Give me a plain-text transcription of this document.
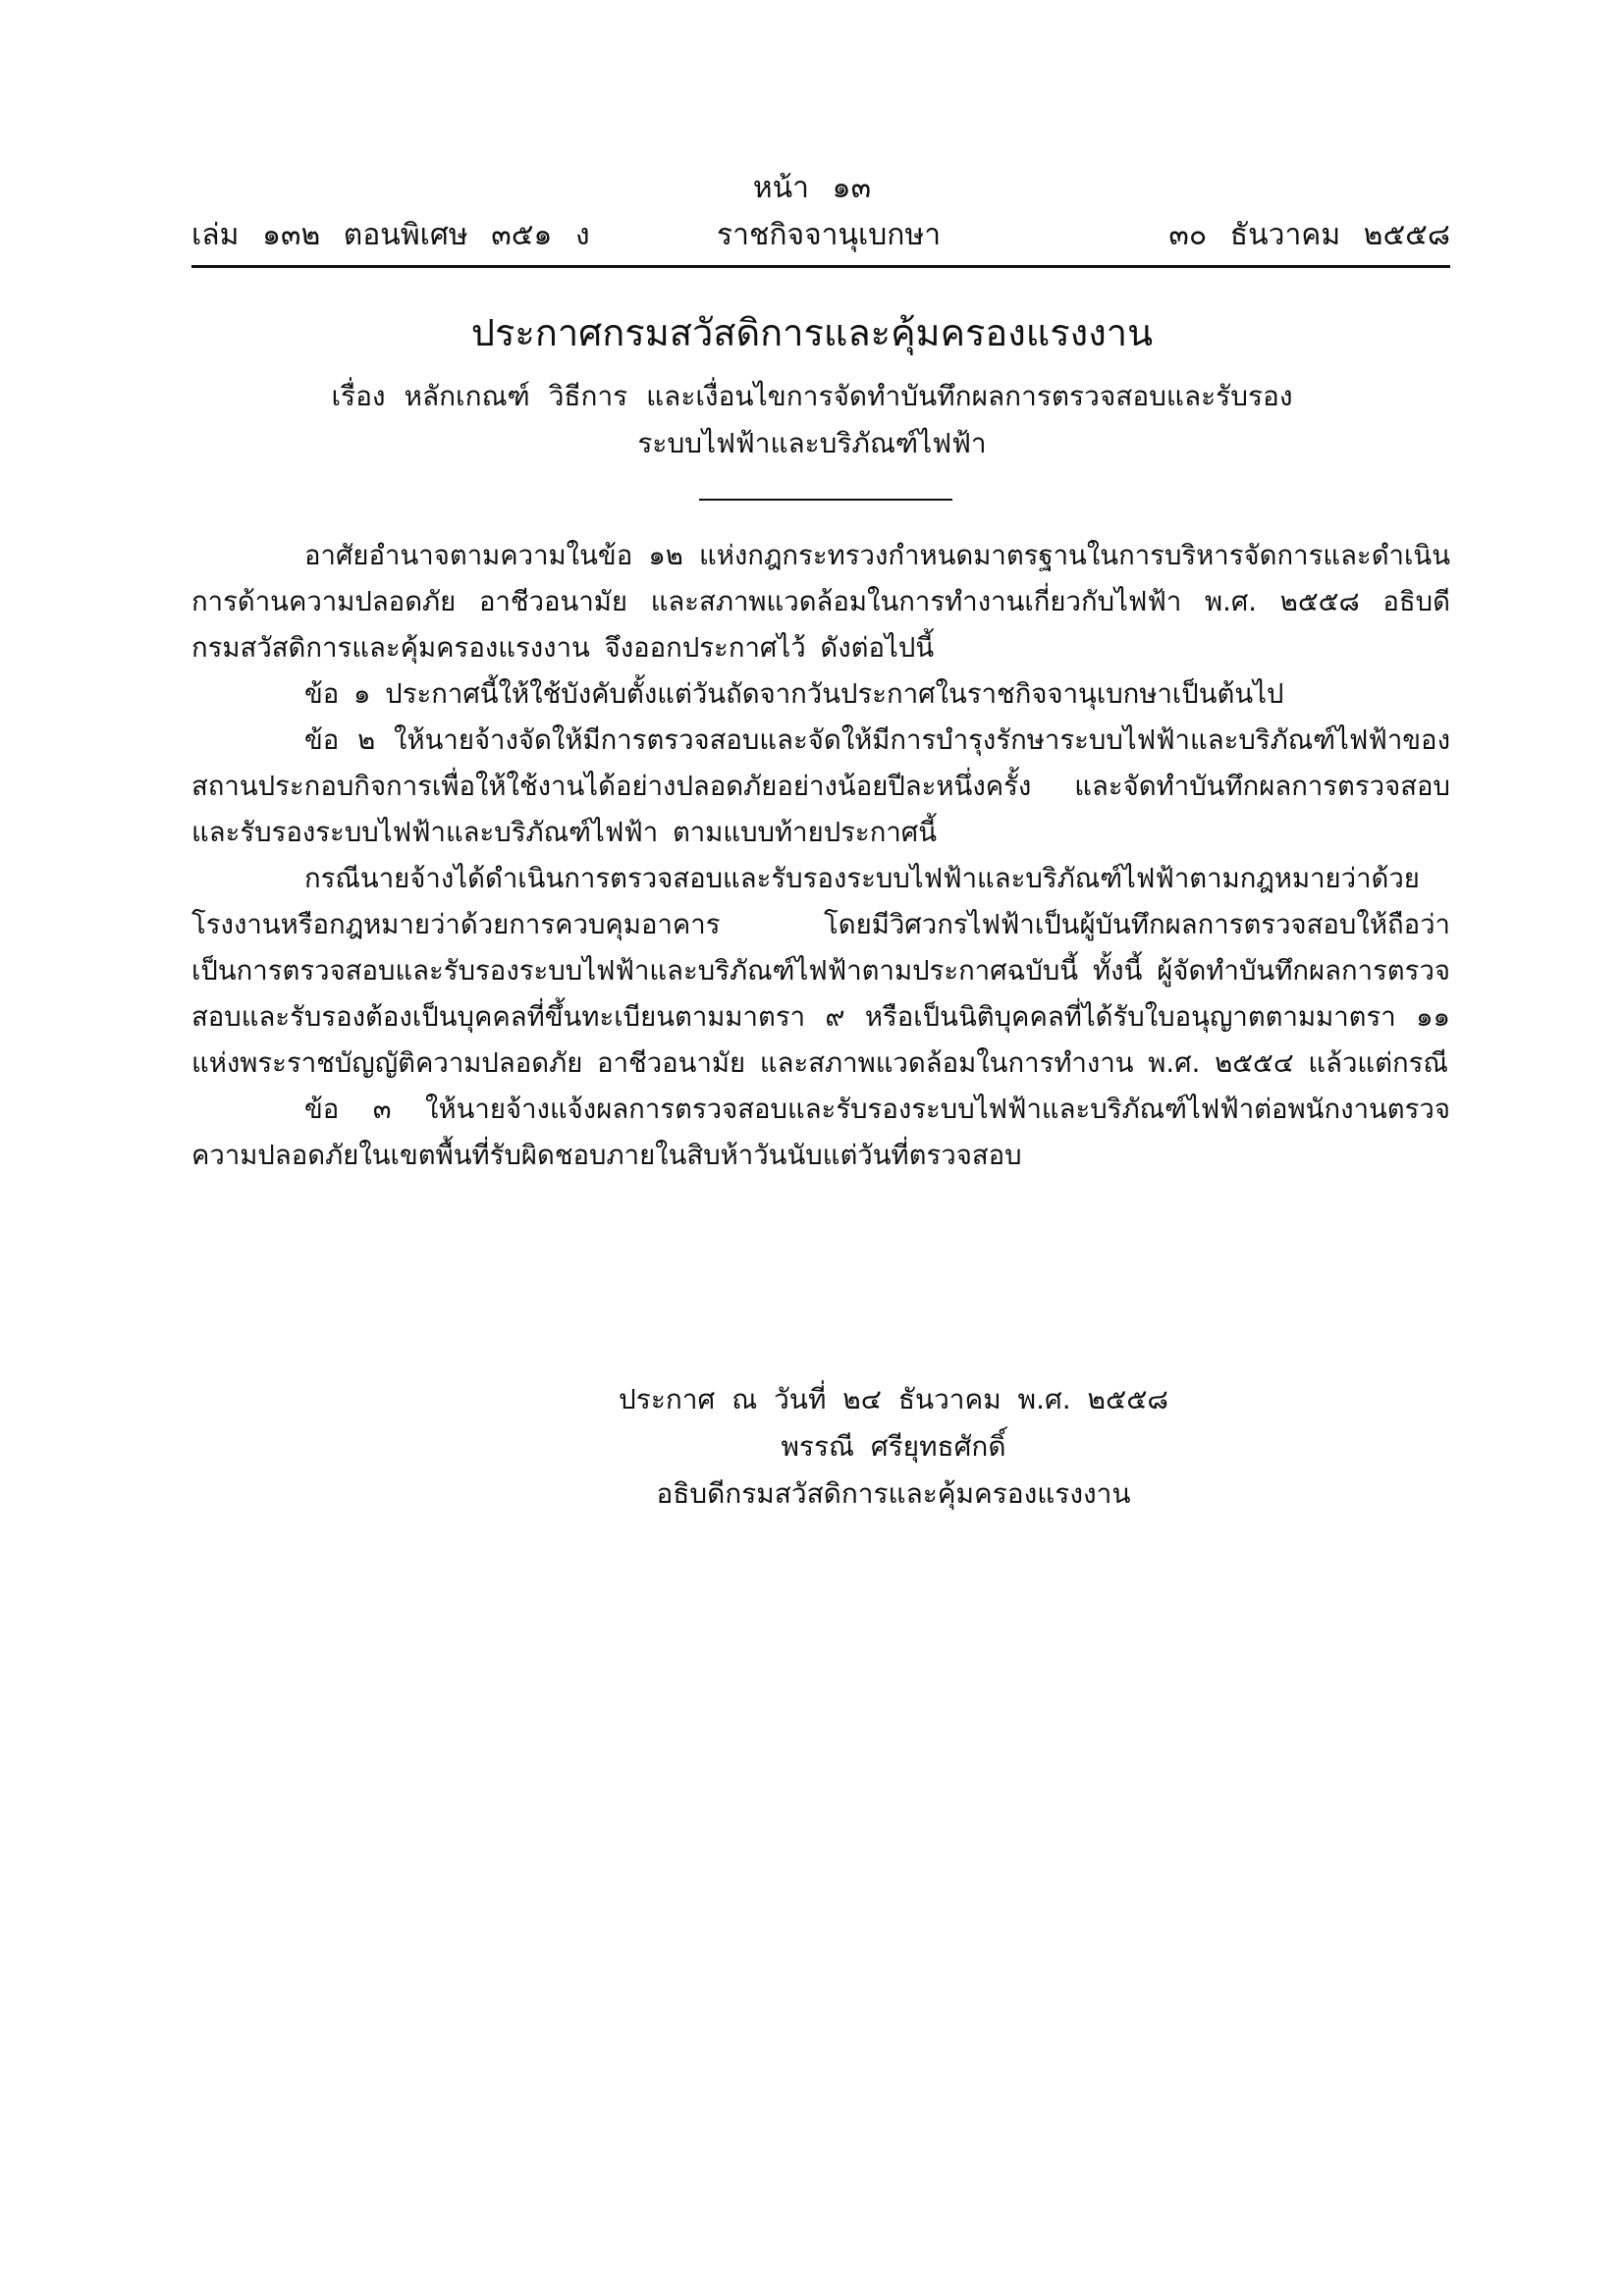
หน้า ๑๓
เล่ม ๑๓๒ ตอนพิเศษ ๓๕๑ ง	ราชกิจจานุเบกษา	๓๐ ธันวาคม ๒๕๕๘
ประกาศกรมสวัสดิการและคุ้มครองแรงงาน
เรื่อง หลักเกณฑ์ วิธีการ และเงื่อนไขการจัดทำบันทึกผลการตรวจสอบและรับรอง
ระบบไฟฟ้าและบริภัณฑ์ไฟฟ้า

อาศัยอำนาจตามความในข้อ ๑๒ แห่งกฎกระทรวงกำหนดมาตรฐานในการบริหารจัดการและดำเนินการด้านความปลอดภัย อาชีวอนามัย และสภาพแวดล้อมในการทำงานเกี่ยวกับไฟฟ้า พ.ศ. ๒๕๕๘ อธิบดีกรมสวัสดิการและคุ้มครองแรงงาน จึงออกประกาศไว้ ดังต่อไปนี้

ข้อ ๑ ประกาศนี้ให้ใช้บังคับตั้งแต่วันถัดจากวันประกาศในราชกิจจานุเบกษาเป็นต้นไป

ข้อ ๒ ให้นายจ้างจัดให้มีการตรวจสอบและจัดให้มีการบำรุงรักษาระบบไฟฟ้าและบริภัณฑ์ไฟฟ้าของสถานประกอบกิจการเพื่อให้ใช้งานได้อย่างปลอดภัยอย่างน้อยปีละหนึ่งครั้ง และจัดทำบันทึกผลการตรวจสอบและรับรองระบบไฟฟ้าและบริภัณฑ์ไฟฟ้า ตามแบบท้ายประกาศนี้

กรณีนายจ้างได้ดำเนินการตรวจสอบและรับรองระบบไฟฟ้าและบริภัณฑ์ไฟฟ้าตามกฎหมายว่าด้วยโรงงานหรือกฎหมายว่าด้วยการควบคุมอาคาร โดยมีวิศวกรไฟฟ้าเป็นผู้บันทึกผลการตรวจสอบให้ถือว่าเป็นการตรวจสอบและรับรองระบบไฟฟ้าและบริภัณฑ์ไฟฟ้าตามประกาศฉบับนี้ ทั้งนี้ ผู้จัดทำบันทึกผลการตรวจสอบและรับรองต้องเป็นบุคคลที่ขึ้นทะเบียนตามมาตรา ๙ หรือเป็นนิติบุคคลที่ได้รับใบอนุญาตตามมาตรา ๑๑ แห่งพระราชบัญญัติความปลอดภัย อาชีวอนามัย และสภาพแวดล้อมในการทำงาน พ.ศ. ๒๕๕๔ แล้วแต่กรณี

ข้อ ๓ ให้นายจ้างแจ้งผลการตรวจสอบและรับรองระบบไฟฟ้าและบริภัณฑ์ไฟฟ้าต่อพนักงานตรวจความปลอดภัยในเขตพื้นที่รับผิดชอบภายในสิบห้าวันนับแต่วันที่ตรวจสอบ

ประกาศ ณ วันที่ ๒๔ ธันวาคม พ.ศ. ๒๕๕๘
พรรณี ศรียุทธศักดิ์
อธิบดีกรมสวัสดิการและคุ้มครองแรงงาน
